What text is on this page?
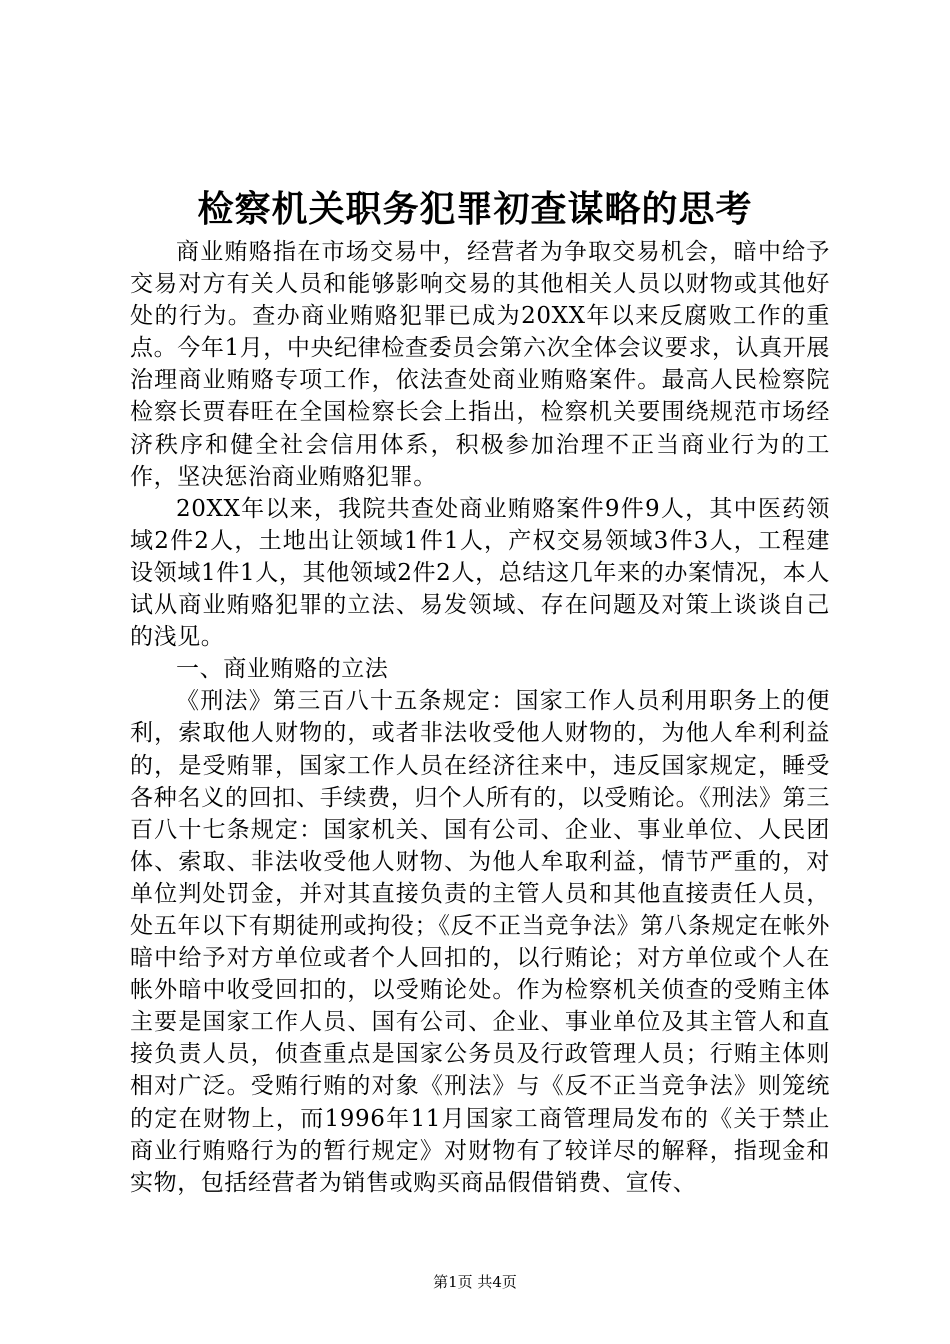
检察机关职务犯罪初查谋略的思考

商业贿赂指在市场交易中，经营者为争取交易机会，暗中给予交易对方有关人员和能够影响交易的其他相关人员以财物或其他好处的行为。查办商业贿赂犯罪已成为20XX年以来反腐败工作的重点。今年1月，中央纪律检查委员会第六次全体会议要求，认真开展治理商业贿赂专项工作，依法查处商业贿赂案件。最高人民检察院检察长贾春旺在全国检察长会上指出，检察机关要围绕规范市场经济秩序和健全社会信用体系，积极参加治理不正当商业行为的工作，坚决惩治商业贿赂犯罪。

20XX年以来，我院共查处商业贿赂案件9件9人，其中医药领域2件2人，土地出让领域1件1人，产权交易领域3件3人，工程建设领域1件1人，其他领域2件2人，总结这几年来的办案情况，本人试从商业贿赂犯罪的立法、易发领域、存在问题及对策上谈谈自己的浅见。

一、商业贿赂的立法

《刑法》第三百八十五条规定：国家工作人员利用职务上的便利，索取他人财物的，或者非法收受他人财物的，为他人牟利利益的，是受贿罪，国家工作人员在经济往来中，违反国家规定，睡受各种名义的回扣、手续费，归个人所有的，以受贿论。《刑法》第三百八十七条规定：国家机关、国有公司、企业、事业单位、人民团体、索取、非法收受他人财物、为他人牟取利益，情节严重的，对单位判处罚金，并对其直接负责的主管人员和其他直接责任人员，处五年以下有期徒刑或拘役；《反不正当竞争法》第八条规定在帐外暗中给予对方单位或者个人回扣的，以行贿论；对方单位或个人在帐外暗中收受回扣的，以受贿论处。作为检察机关侦查的受贿主体主要是国家工作人员、国有公司、企业、事业单位及其主管人和直接负责人员，侦查重点是国家公务员及行政管理人员；行贿主体则相对广泛。受贿行贿的对象《刑法》与《反不正当竞争法》则笼统的定在财物上，而1996年11月国家工商管理局发布的《关于禁止商业行贿赂行为的暂行规定》对财物有了较详尽的解释，指现金和实物，包括经营者为销售或购买商品假借销费、宣传、

第1页 共4页
